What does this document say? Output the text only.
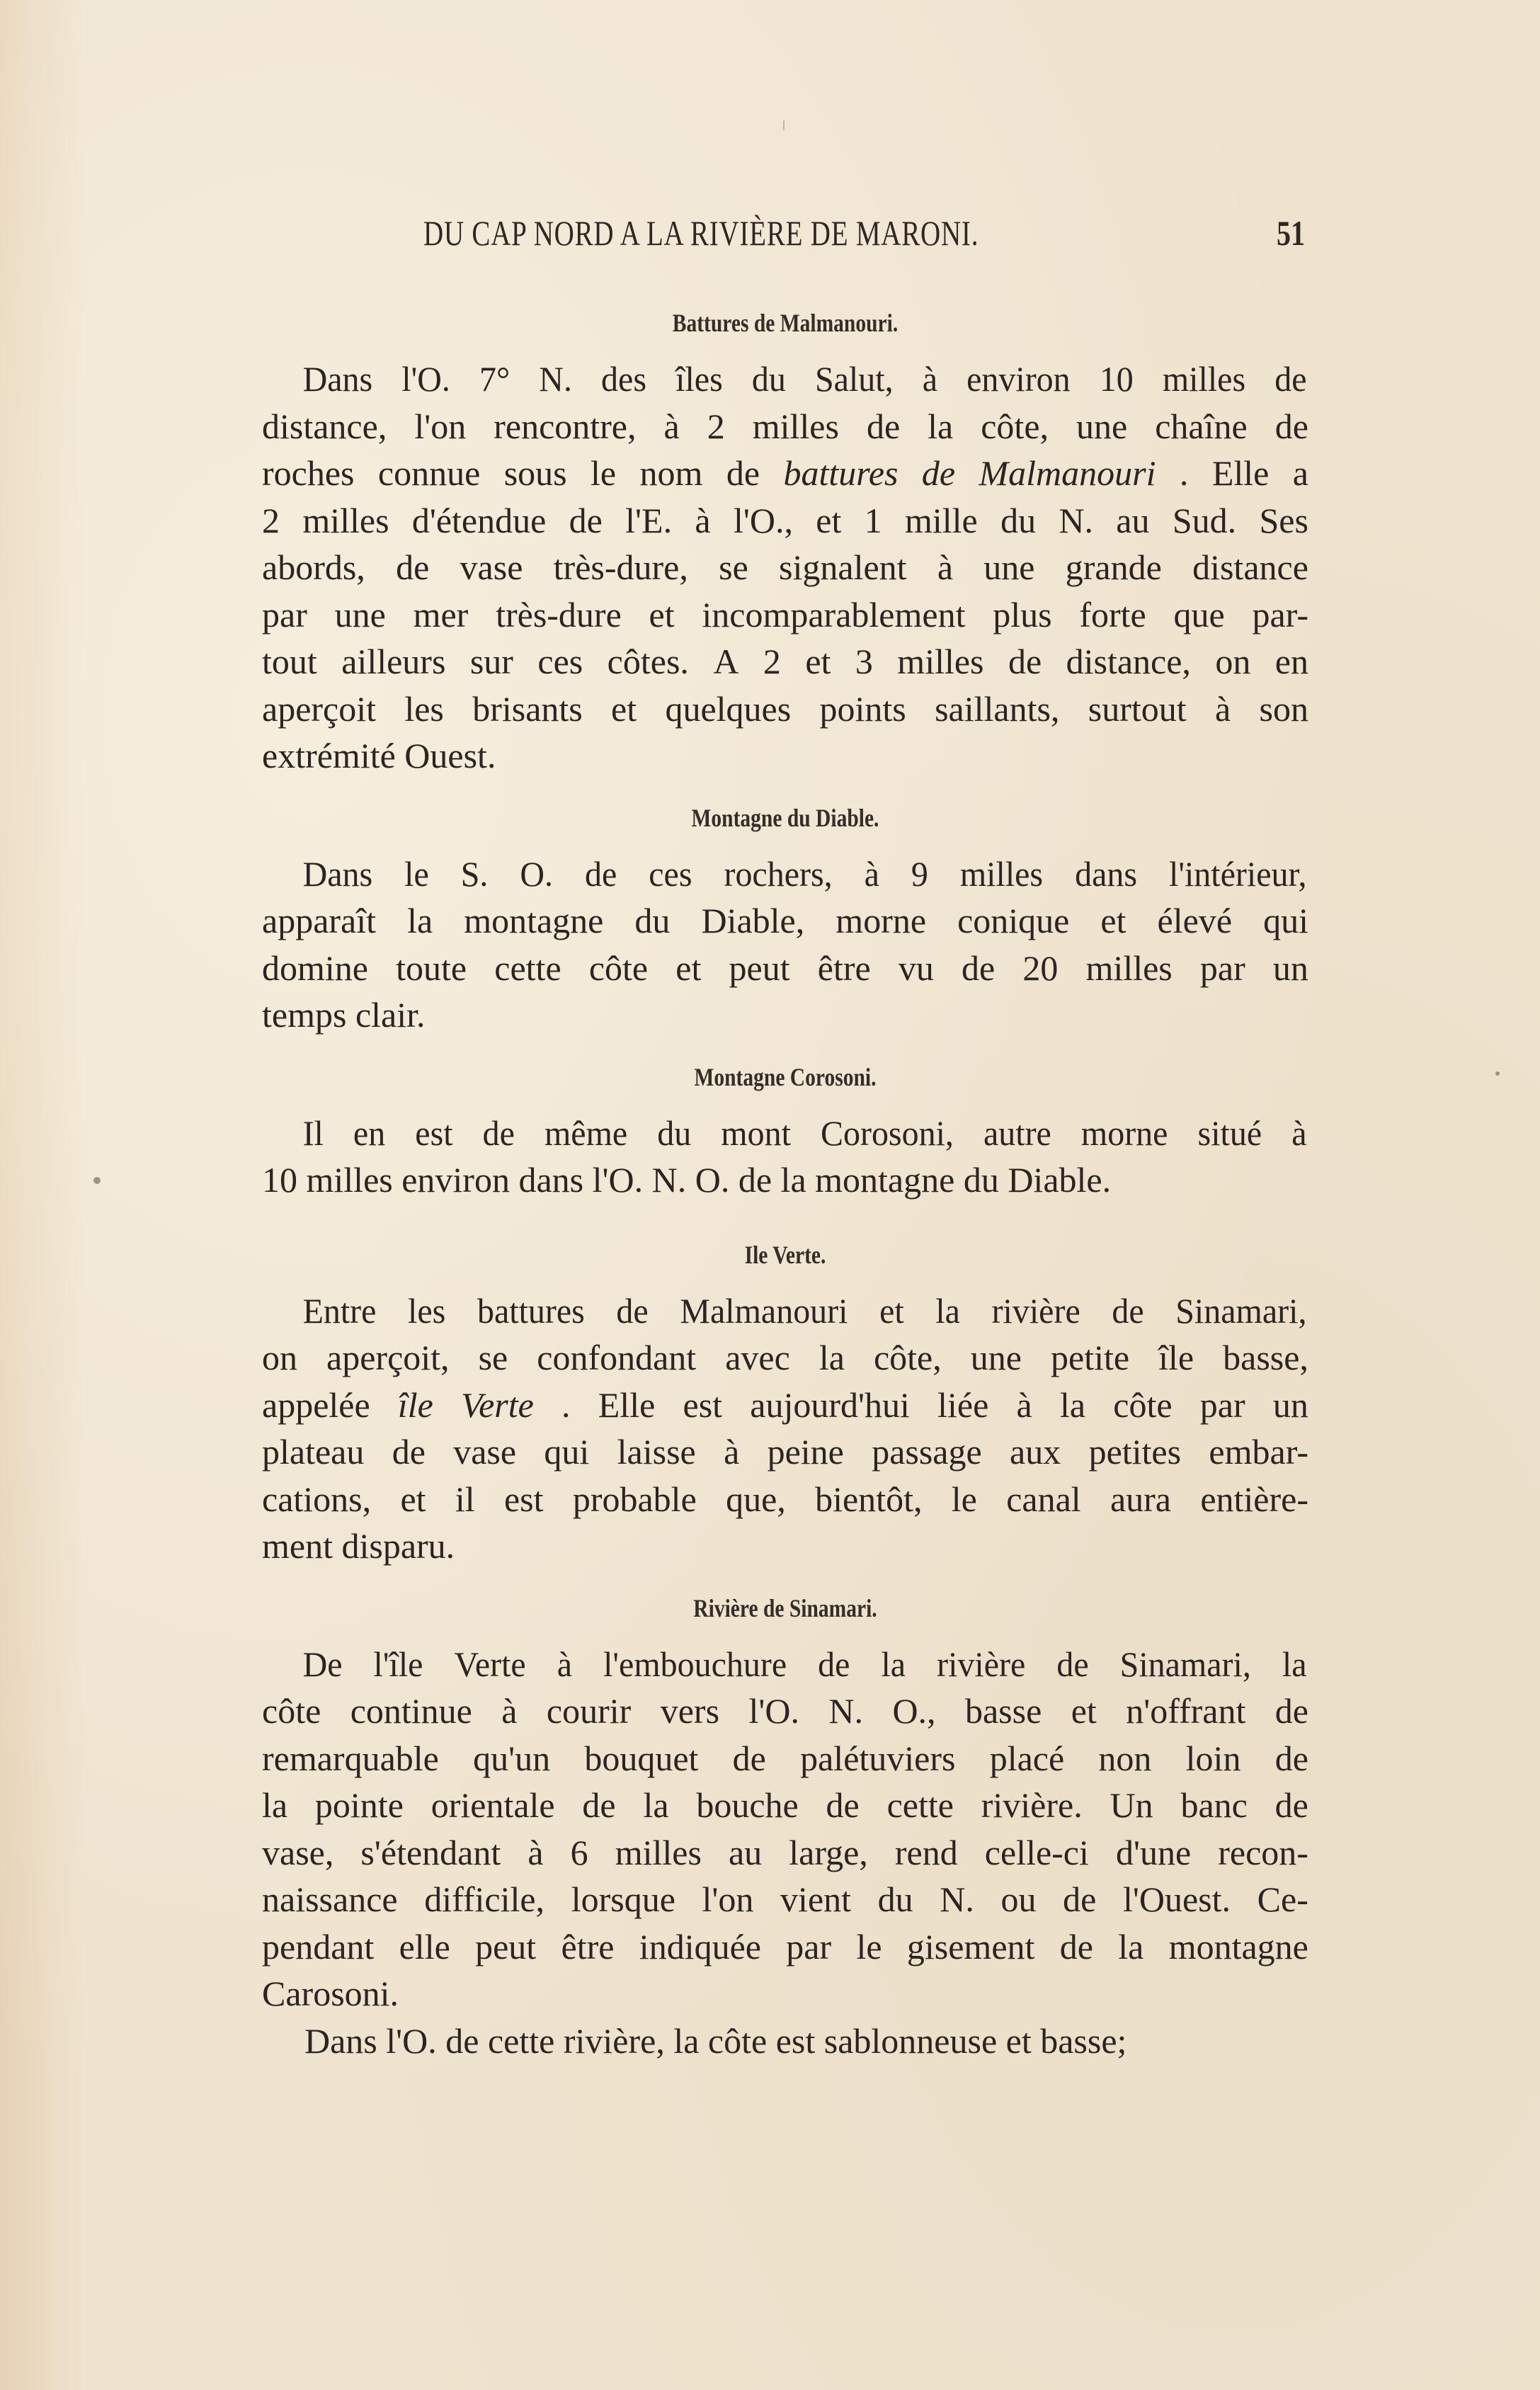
DU CAP NORD A LA RIVIÈRE DE MARONI.	51
Battures de Malmanouri.

Dans l'O. 7° N. des îles du Salut, à environ 10 milles de
distance, l'on rencontre, à 2 milles de la côte, une chaîne de
roches connue sous le nom de battures de Malmanouri . Elle a
2 milles d'étendue de l'E. à l'O., et 1 mille du N. au Sud. Ses
abords, de vase très-dure, se signalent à une grande distance
par une mer très-dure et incomparablement plus forte que par-
tout ailleurs sur ces côtes. A 2 et 3 milles de distance, on en
aperçoit les brisants et quelques points saillants, surtout à son
extrémité Ouest.

Montagne du Diable.

Dans le S. O. de ces rochers, à 9 milles dans l'intérieur,
apparaît la montagne du Diable, morne conique et élevé qui
domine toute cette côte et peut être vu de 20 milles par un
temps clair.

Montagne Corosoni.

Il en est de même du mont Corosoni, autre morne situé à
10 milles environ dans l'O. N. O. de la montagne du Diable.

Ile Verte.

Entre les battures de Malmanouri et la rivière de Sinamari,
on aperçoit, se confondant avec la côte, une petite île basse,
appelée île Verte . Elle est aujourd'hui liée à la côte par un
plateau de vase qui laisse à peine passage aux petites embar-
cations, et il est probable que, bientôt, le canal aura entière-
ment disparu.

Rivière de Sinamari.

De l'île Verte à l'embouchure de la rivière de Sinamari, la
côte continue à courir vers l'O. N. O., basse et n'offrant de
remarquable qu'un bouquet de palétuviers placé non loin de
la pointe orientale de la bouche de cette rivière. Un banc de
vase, s'étendant à 6 milles au large, rend celle-ci d'une recon-
naissance difficile, lorsque l'on vient du N. ou de l'Ouest. Ce-
pendant elle peut être indiquée par le gisement de la montagne
Carosoni.

Dans l'O. de cette rivière, la côte est sablonneuse et basse;
